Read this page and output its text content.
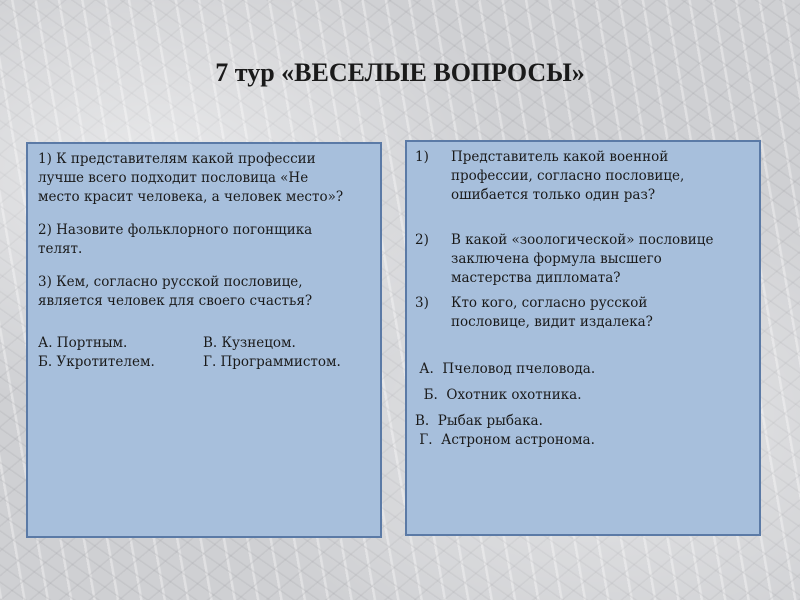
7 тур «ВЕСЕЛЫЕ ВОПРОСЫ»
1) К представителям какой профессии
лучше всего подходит пословица «Не
место красит человека, а человек место»?
2) Назовите фольклорного погонщика
телят.
3) Кем, согласно русской пословице,
является человек для своего счастья?
А. Портным.	В. Кузнецом.
Б. Укротителем.	Г. Программистом.
1)	Представитель какой военной
профессии, согласно пословице,
ошибается только один раз?
2)	В какой «зоологической» пословице
заключена формула высшего
мастерства дипломата?
3)	Кто кого, согласно русской
пословице, видит издалека?
А.  Пчеловод пчеловода.
Б.  Охотник охотника.
В.  Рыбак рыбака.
Г.  Астроном астронома.
